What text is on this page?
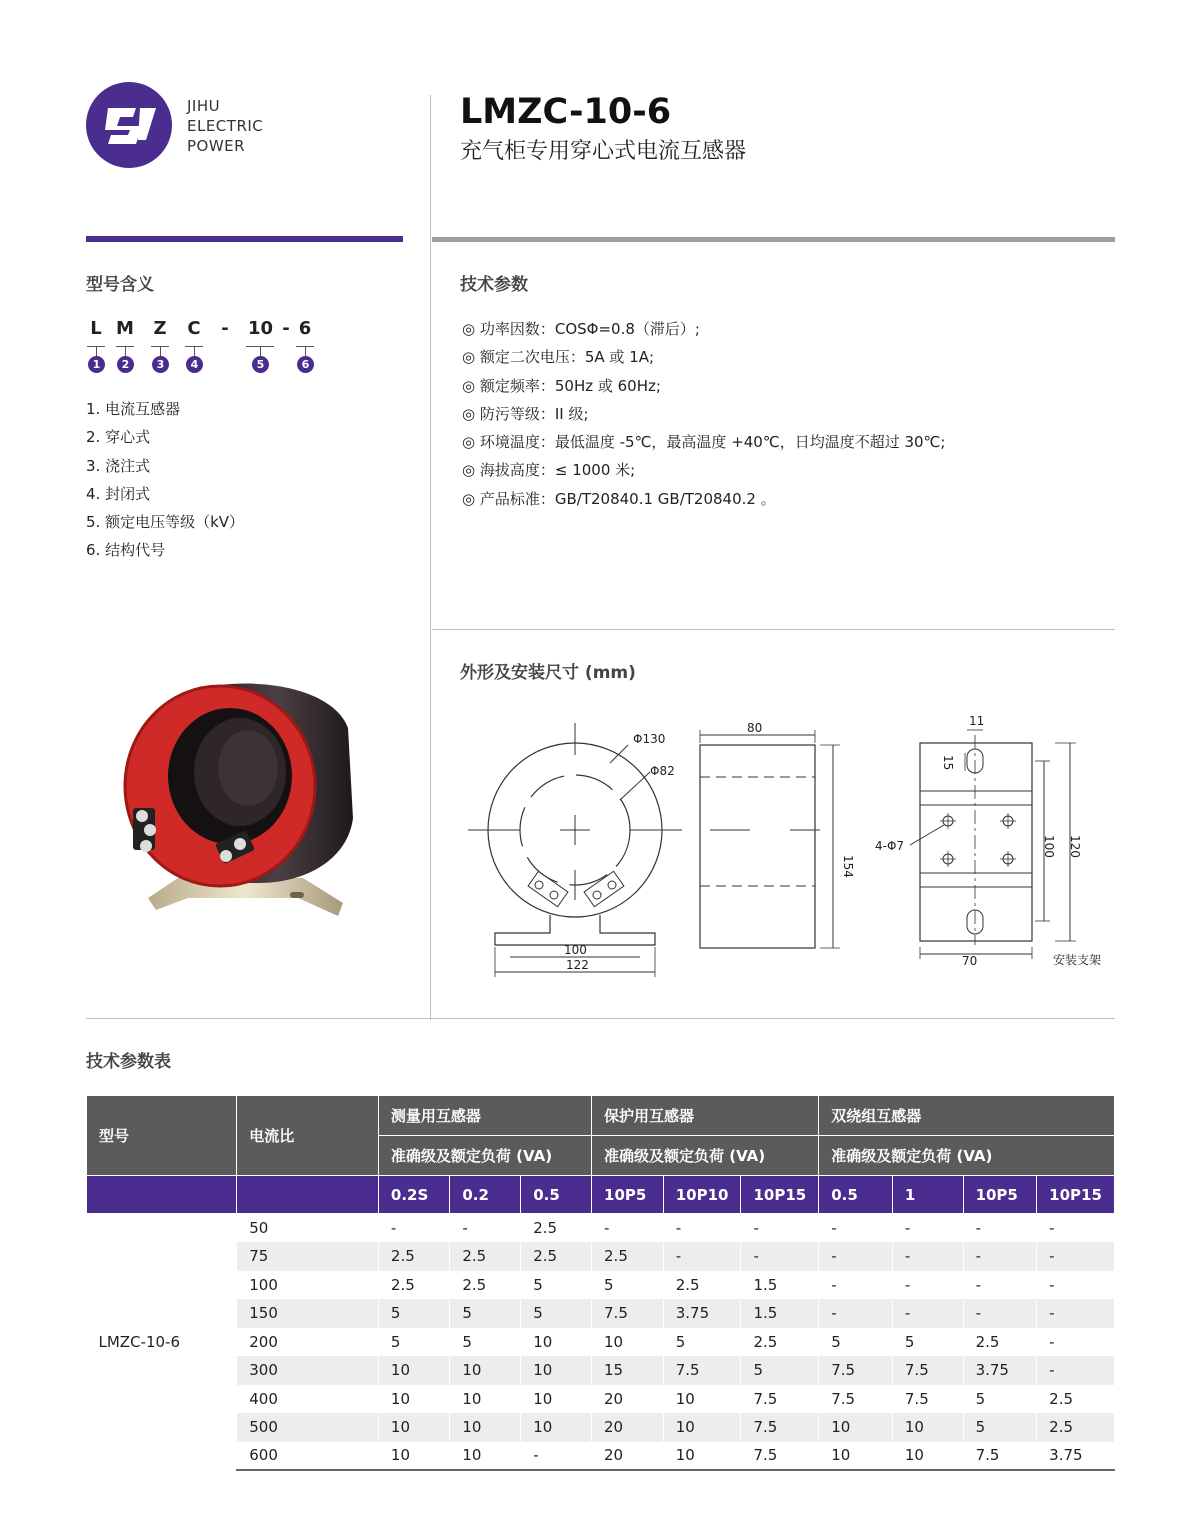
JIHU
ELECTRIC
POWER
LMZC-10-6
充气柜专用穿心式电流互感器
型号含义
L M Z C	-	10 - 6
1	2	3	4	5	6
1. 电流互感器
2. 穿心式
3. 浇注式
4. 封闭式
5. 额定电压等级（kV）
6. 结构代号
技术参数
◎ 功率因数：COSΦ=0.8（滞后）;
◎ 额定二次电压：5A 或 1A;
◎ 额定频率：50Hz 或 60Hz;
◎ 防污等级：II 级;
◎ 环境温度：最低温度 -5℃，最高温度 +40℃，日均温度不超过 30℃;
◎ 海拔高度：≤ 1000 米;
◎ 产品标准：GB/T20840.1 GB/T20840.2 。
外形及安装尺寸 (mm)
Φ130
Φ82
100
122
80
154
11
15
4-Φ7	100 120
70	安装支架
技术参数表
型号	电流比	测量用互感器			保护用互感器			双绕组互感器			
		准确级及额定负荷 (VA)			准确级及额定负荷 (VA)			准确级及额定负荷 (VA)			
		0.2S	0.2	0.5	10P5	10P10	10P15	0.5	1	10P5	10P15
LMZC-10-6	50	-	-	2.5	-	-	-	-	-	-	-
	75	2.5	2.5	2.5	2.5	-	-	-	-	-	-
	100	2.5	2.5	5	5	2.5	1.5	-	-	-	-
	150	5	5	5	7.5	3.75	1.5	-	-	-	-
	200	5	5	10	10	5	2.5	5	5	2.5	-
	300	10	10	10	15	7.5	5	7.5	7.5	3.75	-
	400	10	10	10	20	10	7.5	7.5	7.5	5	2.5
	500	10	10	10	20	10	7.5	10	10	5	2.5
	600	10	10	-	20	10	7.5	10	10	7.5	3.75
